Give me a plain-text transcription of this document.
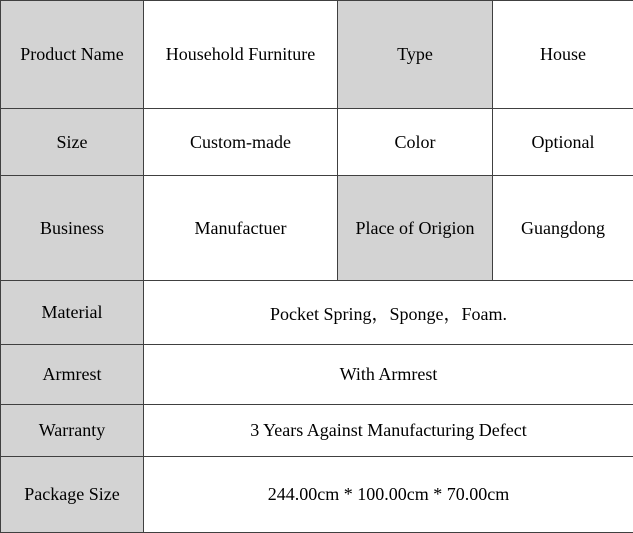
Product Name	Household Furniture	Type	House
Size	Custom-made	Color	Optional
Business	Manufactuer	Place of Origion	Guangdong
Material	Pocket Spring，Sponge，Foam.		
Armrest	With Armrest		
Warranty	3 Years Against Manufacturing Defect		
Package Size	244.00cm * 100.00cm * 70.00cm		
